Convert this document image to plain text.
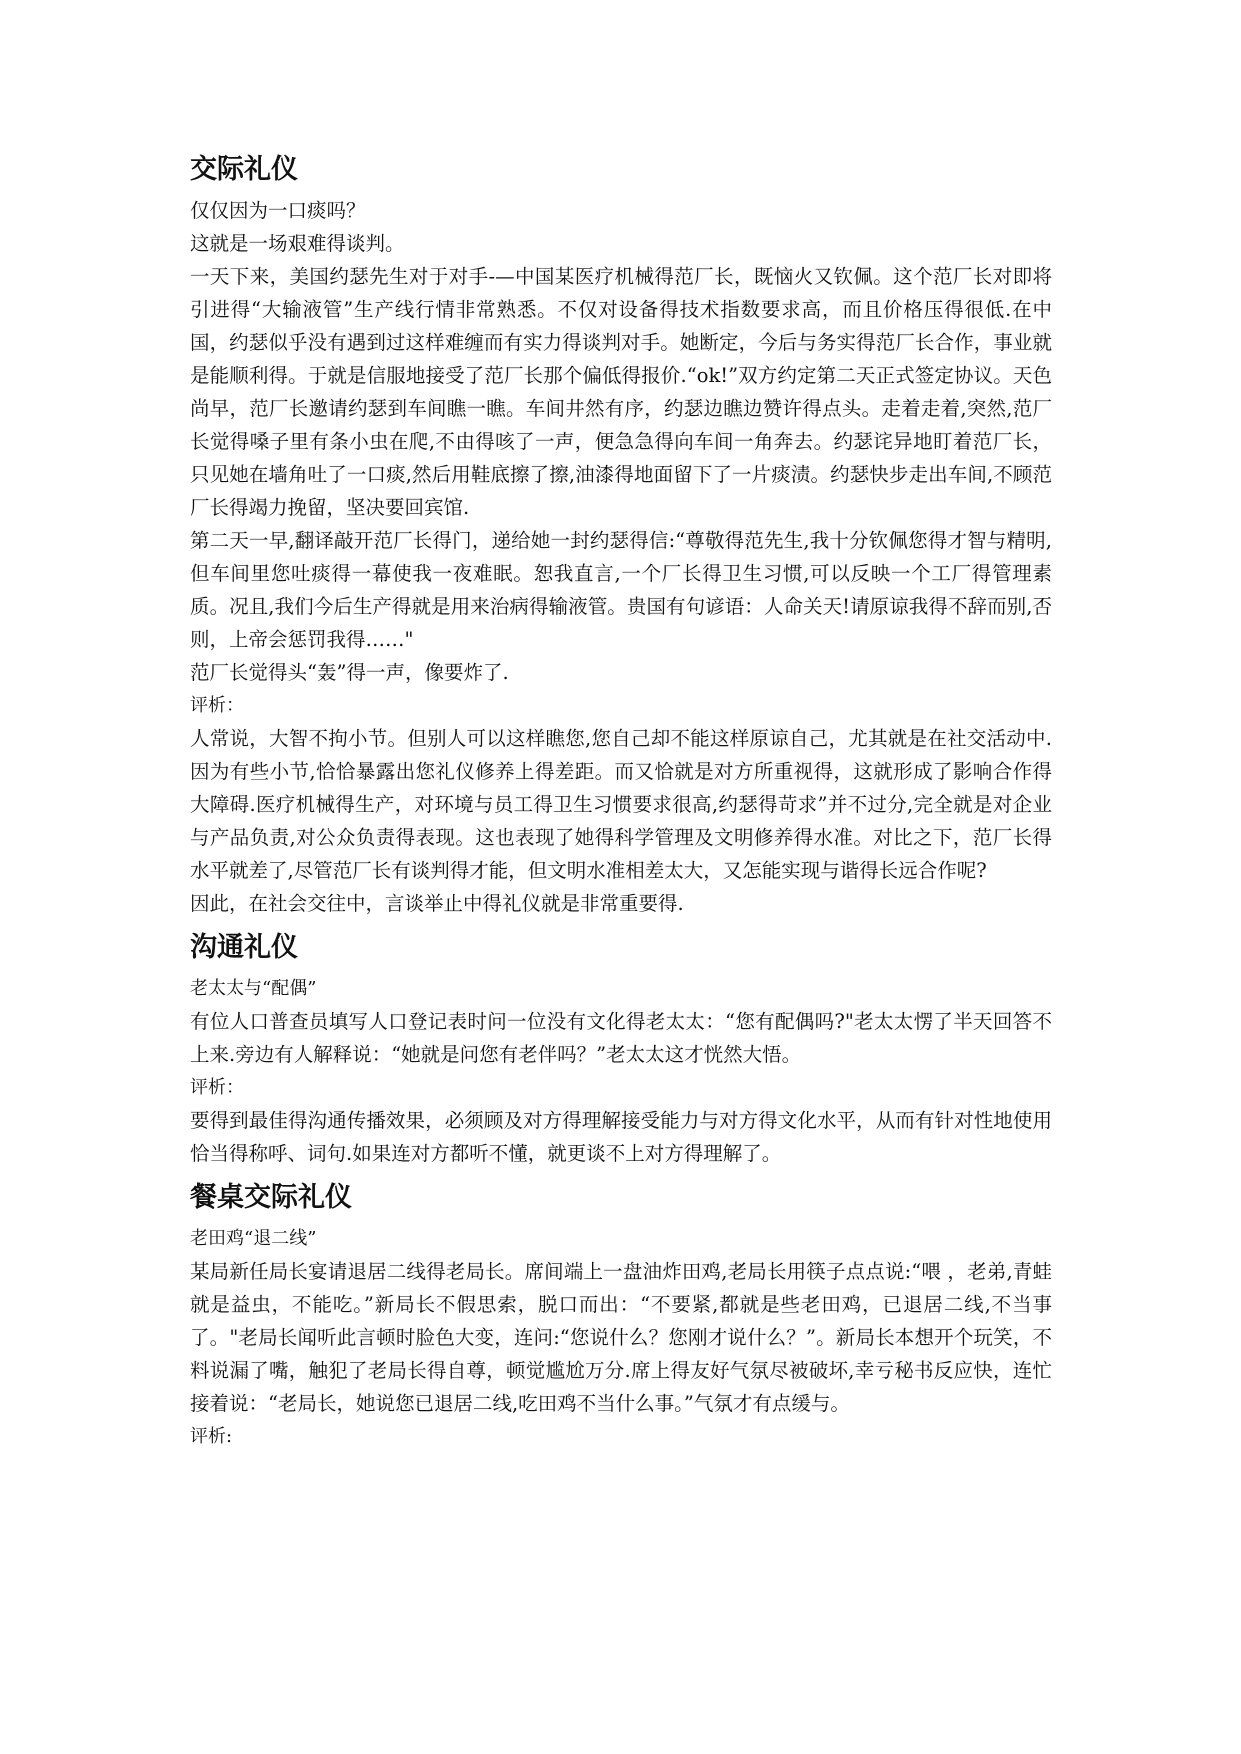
交际礼仪

仅仅因为一口痰吗？

这就是一场艰难得谈判。

一天下来，美国约瑟先生对于对手-—中国某医疗机械得范厂长，既恼火又钦佩。这个范厂长对即将引进得“大输液管”生产线行情非常熟悉。不仅对设备得技术指数要求高，而且价格压得很低.在中国，约瑟似乎没有遇到过这样难缠而有实力得谈判对手。她断定，今后与务实得范厂长合作，事业就是能顺利得。于就是信服地接受了范厂长那个偏低得报价.“ok!”双方约定第二天正式签定协议。天色尚早，范厂长邀请约瑟到车间瞧一瞧。车间井然有序，约瑟边瞧边赞许得点头。走着走着,突然,范厂长觉得嗓子里有条小虫在爬,不由得咳了一声，便急急得向车间一角奔去。约瑟诧异地盯着范厂长，只见她在墙角吐了一口痰,然后用鞋底擦了擦,油漆得地面留下了一片痰渍。约瑟快步走出车间,不顾范厂长得竭力挽留，坚决要回宾馆.

第二天一早,翻译敲开范厂长得门，递给她一封约瑟得信:“尊敬得范先生,我十分钦佩您得才智与精明,但车间里您吐痰得一幕使我一夜难眠。恕我直言,一个厂长得卫生习惯,可以反映一个工厂得管理素质。况且,我们今后生产得就是用来治病得输液管。贵国有句谚语：人命关天!请原谅我得不辞而别,否则，上帝会惩罚我得……"

范厂长觉得头“轰”得一声，像要炸了.

评析：

人常说，大智不拘小节。但别人可以这样瞧您,您自己却不能这样原谅自己，尤其就是在社交活动中.因为有些小节,恰恰暴露出您礼仪修养上得差距。而又恰就是对方所重视得，这就形成了影响合作得大障碍.医疗机械得生产，对环境与员工得卫生习惯要求很高,约瑟得苛求”并不过分,完全就是对企业与产品负责,对公众负责得表现。这也表现了她得科学管理及文明修养得水准。对比之下，范厂长得水平就差了,尽管范厂长有谈判得才能，但文明水准相差太大，又怎能实现与谐得长远合作呢?

因此，在社会交往中，言谈举止中得礼仪就是非常重要得.

沟通礼仪

老太太与“配偶”

有位人口普查员填写人口登记表时问一位没有文化得老太太：“您有配偶吗?"老太太愣了半天回答不上来.旁边有人解释说：“她就是问您有老伴吗？”老太太这才恍然大悟。

评析：

要得到最佳得沟通传播效果，必须顾及对方得理解接受能力与对方得文化水平，从而有针对性地使用恰当得称呼、词句.如果连对方都听不懂，就更谈不上对方得理解了。

餐桌交际礼仪

老田鸡“退二线”

某局新任局长宴请退居二线得老局长。席间端上一盘油炸田鸡,老局长用筷子点点说:“喂 ，老弟,青蛙就是益虫，不能吃。”新局长不假思索，脱口而出：“不要紧,都就是些老田鸡，已退居二线,不当事了。"老局长闻听此言顿时脸色大变，连问:“您说什么？您刚才说什么？”。新局长本想开个玩笑，不料说漏了嘴，触犯了老局长得自尊，顿觉尴尬万分.席上得友好气氛尽被破坏,幸亏秘书反应快，连忙接着说：“老局长，她说您已退居二线,吃田鸡不当什么事。”气氛才有点缓与。

评析:
